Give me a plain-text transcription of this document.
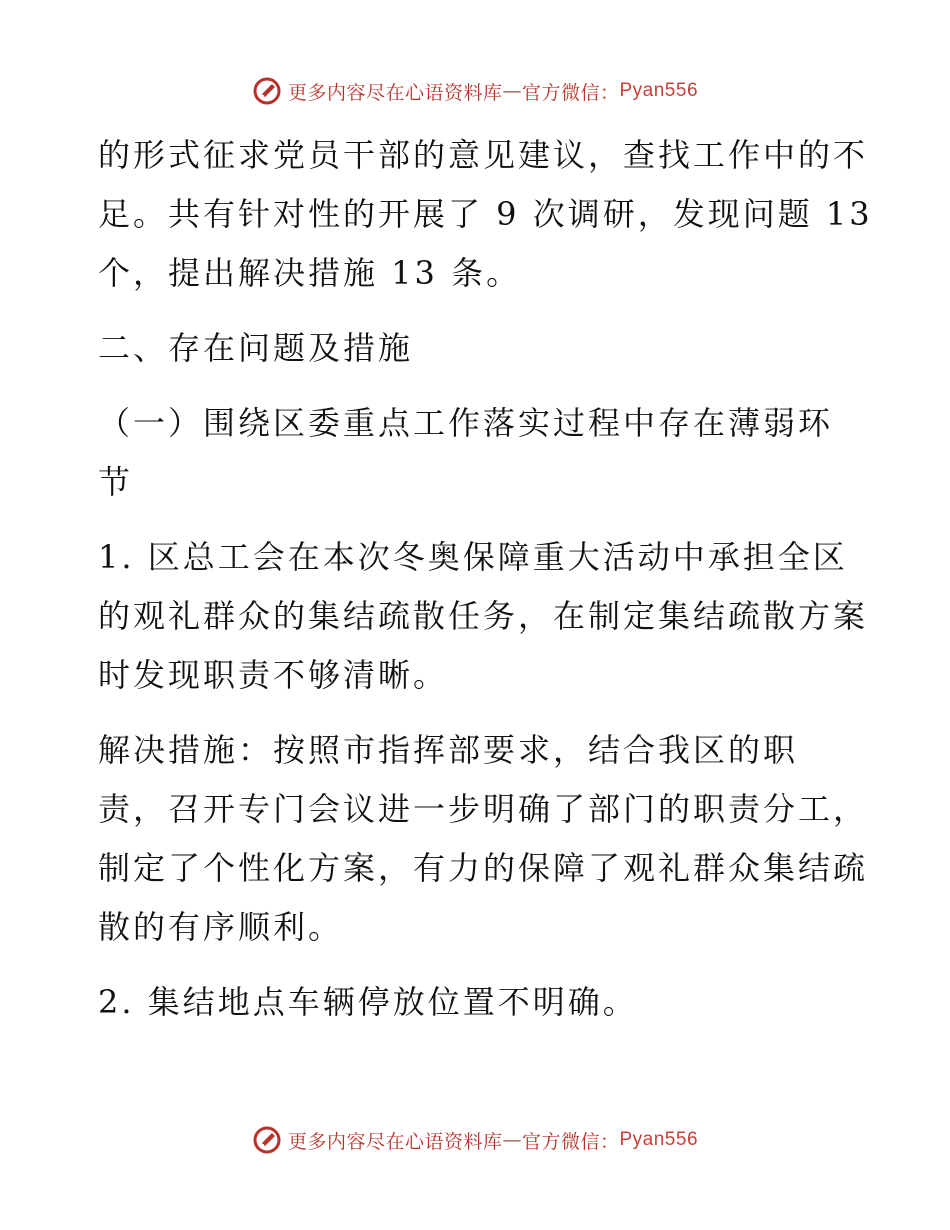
更多内容尽在心语资料库 — 官方微信： Pyan556
的形式征求党员干部的意见建议，查找工作中的不
足。共有针对性的开展了 9 次调研，发现问题 13
个，提出解决措施 13 条。
二、存在问题及措施
（一）围绕区委重点工作落实过程中存在薄弱环
节
1. 区总工会在本次冬奥保障重大活动中承担全区
的观礼群众的集结疏散任务，在制定集结疏散方案
时发现职责不够清晰。
解决措施：按照市指挥部要求，结合我区的职
责，召开专门会议进一步明确了部门的职责分工，
制定了个性化方案，有力的保障了观礼群众集结疏
散的有序顺利。
2. 集结地点车辆停放位置不明确。
更多内容尽在心语资料库 — 官方微信： Pyan556
